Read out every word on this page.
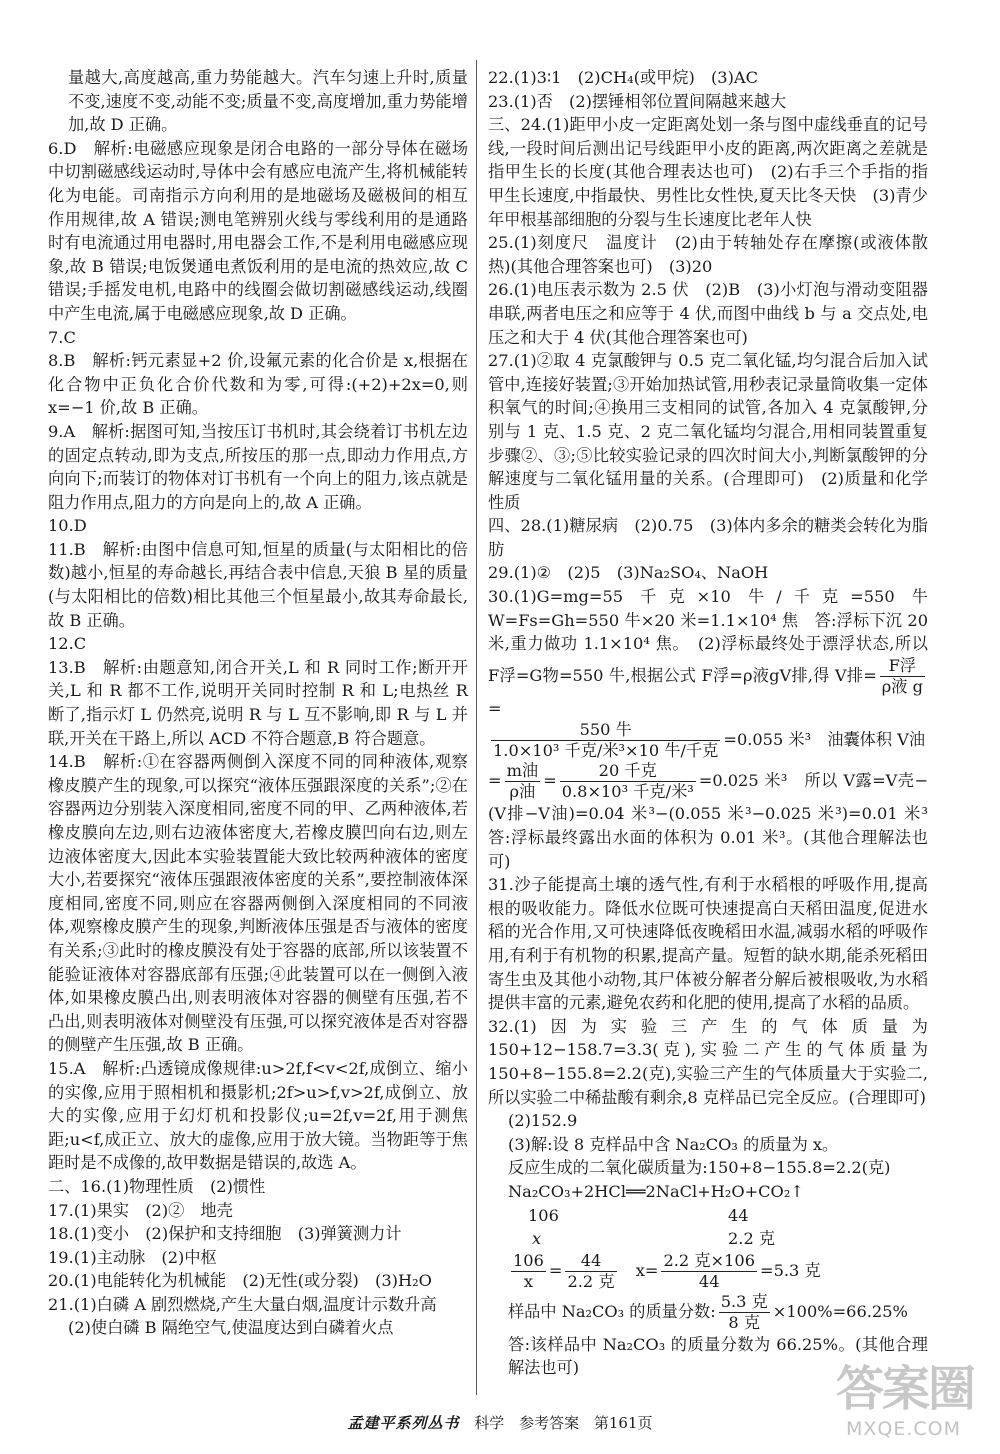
量越大,高度越高,重力势能越大。汽车匀速上升时,质量不变,速度不变,动能不变;质量不变,高度增加,重力势能增加,故 D 正确。

6.D　解析:电磁感应现象是闭合电路的一部分导体在磁场中切割磁感线运动时,导体中会有感应电流产生,将机械能转化为电能。司南指示方向利用的是地磁场及磁极间的相互作用规律,故 A 错误;测电笔辨别火线与零线利用的是通路时有电流通过用电器时,用电器会工作,不是利用电磁感应现象,故 B 错误;电饭煲通电煮饭利用的是电流的热效应,故 C 错误;手摇发电机,电路中的线圈会做切割磁感线运动,线圈中产生电流,属于电磁感应现象,故 D 正确。

7.C

8.B　解析:钙元素显+2 价,设氟元素的化合价是 x,根据在化合物中正负化合价代数和为零,可得:(+2)+2x=0,则 x=−1 价,故 B 正确。

9.A　解析:据图可知,当按压订书机时,其会绕着订书机左边的固定点转动,即为支点,所按压的那一点,即动力作用点,方向向下;而装订的物体对订书机有一个向上的阻力,该点就是阻力作用点,阻力的方向是向上的,故 A 正确。

10.D

11.B　解析:由图中信息可知,恒星的质量(与太阳相比的倍数)越小,恒星的寿命越长,再结合表中信息,天狼 B 星的质量(与太阳相比的倍数)相比其他三个恒星最小,故其寿命最长,故 B 正确。

12.C

13.B　解析:由题意知,闭合开关,L 和 R 同时工作;断开开关,L 和 R 都不工作,说明开关同时控制 R 和 L;电热丝 R 断了,指示灯 L 仍然亮,说明 R 与 L 互不影响,即 R 与 L 并联,开关在干路上,所以 ACD 不符合题意,B 符合题意。

14.B　解析:①在容器两侧倒入深度不同的同种液体,观察橡皮膜产生的现象,可以探究“液体压强跟深度的关系”;②在容器两边分别装入深度相同,密度不同的甲、乙两种液体,若橡皮膜向左边,则右边液体密度大,若橡皮膜凹向右边,则左边液体密度大,因此本实验装置能大致比较两种液体的密度大小,若要探究“液体压强跟液体密度的关系”,要控制液体深度相同,密度不同,则应在容器两侧倒入深度相同的不同液体,观察橡皮膜产生的现象,判断液体压强是否与液体的密度有关系;③此时的橡皮膜没有处于容器的底部,所以该装置不能验证液体对容器底部有压强;④此装置可以在一侧倒入液体,如果橡皮膜凸出,则表明液体对容器的侧壁有压强,若不凸出,则表明液体对侧壁没有压强,可以探究液体是否对容器的侧壁产生压强,故 B 正确。

15.A　解析:凸透镜成像规律:u>2f,f<v<2f,成倒立、缩小的实像,应用于照相机和摄影机;2f>u>f,v>2f,成倒立、放大的实像,应用于幻灯机和投影仪;u=2f,v=2f,用于测焦距;u<f,成正立、放大的虚像,应用于放大镜。当物距等于焦距时是不成像的,故甲数据是错误的,故选 A。

二、16.(1)物理性质　(2)惯性

17.(1)果实　(2)②　地壳

18.(1)变小　(2)保护和支持细胞　(3)弹簧测力计

19.(1)主动脉　(2)中枢

20.(1)电能转化为机械能　(2)无性(或分裂)　(3)H₂O

21.(1)白磷 A 剧烈燃烧,产生大量白烟,温度计示数升高

(2)使白磷 B 隔绝空气,使温度达到白磷着火点

22.(1)3∶1　(2)CH₄(或甲烷)　(3)AC

23.(1)否　(2)摆锤相邻位置间隔越来越大

三、24.(1)距甲小皮一定距离处划一条与图中虚线垂直的记号线,一段时间后测出记号线距甲小皮的距离,两次距离之差就是指甲生长的长度(其他合理表达也可)　(2)右手三个手指的指甲生长速度,中指最快、男性比女性快,夏天比冬天快　(3)青少年甲根基部细胞的分裂与生长速度比老年人快

25.(1)刻度尺　温度计　(2)由于转轴处存在摩擦(或液体散热)(其他合理答案也可)　(3)20

26.(1)电压表示数为 2.5 伏　(2)B　(3)小灯泡与滑动变阻器串联,两者电压之和应等于 4 伏,而图中曲线 b 与 a 交点处,电压之和大于 4 伏(其他合理答案也可)

27.(1)②取 4 克氯酸钾与 0.5 克二氧化锰,均匀混合后加入试管中,连接好装置;③开始加热试管,用秒表记录量筒收集一定体积氧气的时间;④换用三支相同的试管,各加入 4 克氯酸钾,分别与 1 克、1.5 克、2 克二氧化锰均匀混合,用相同装置重复步骤②、③;⑤比较实验记录的四次时间大小,判断氯酸钾的分解速度与二氧化锰用量的关系。(合理即可)　(2)质量和化学性质

四、28.(1)糖尿病　(2)0.75　(3)体内多余的糖类会转化为脂肪

29.(1)②　(2)5　(3)Na₂SO₄、NaOH

30.(1)G=mg=55 千克×10 牛/千克=550 牛　W=Fs=Gh=550 牛×20 米=1.1×10⁴ 焦　答:浮标下沉 20 米,重力做功 1.1×10⁴ 焦。　(2)浮标最终处于漂浮状态,所以 F浮=G物=550 牛,根据公式 F浮=ρ液gV排,得 V排= $\frac{\text{F浮}}{\text{ρ液 g}}$
=

$\frac{\text{550 牛}}{\text{1.0×10³ 千克/米³×10 牛/千克}} =0.055$ 米³　油囊体积 V油

= $\frac{\text{m油}}{\text{ρ油}} = \frac{\text{20 千克}}{\text{0.8×10³ 千克/米³}} =0.025$ 米³　所以 V露=V壳−(V排−V油)=0.04 米³−(0.055 米³−0.025 米³)=0.01 米³　答:浮标最终露出水面的体积为 0.01 米³。(其他合理解法也可)

31.沙子能提高土壤的透气性,有利于水稻根的呼吸作用,提高根的吸收能力。降低水位既可快速提高白天稻田温度,促进水稻的光合作用,又可快速降低夜晚稻田水温,减弱水稻的呼吸作用,有利于有机物的积累,提高产量。短暂的缺水期,能杀死稻田寄生虫及其他小动物,其尸体被分解者分解后被根吸收,为水稻提供丰富的元素,避免农药和化肥的使用,提高了水稻的品质。

32.(1)因为实验三产生的气体质量为 150+12−158.7=3.3(克),实验二产生的气体质量为 150+8−155.8=2.2(克),实验三产生的气体质量大于实验二,所以实验二中稀盐酸有剩余,8 克样品已完全反应。(合理即可)

(2)152.9

(3)解:设 8 克样品中含 Na₂CO₃ 的质量为 x。

反应生成的二氧化碳质量为:150+8−155.8=2.2(克)

Na₂CO₃+2HCl══2NaCl+H₂O+CO₂↑

106	44

x	2.2 克

$\frac{106}{x} = \frac{44}{\text{2.2 克}}$ 　$x= \frac{\text{2.2 克×106}}{44} =5.3$ 克

样品中 Na₂CO₃ 的质量分数: $\frac{\text{5.3 克}}{\text{8 克}} \times 100\%=66.25\%$

答:该样品中 Na₂CO₃ 的质量分数为 66.25%。(其他合理解法也可)

孟建平系列丛书 科学 参考答案 第161页
答案圈
MXQE.COM
